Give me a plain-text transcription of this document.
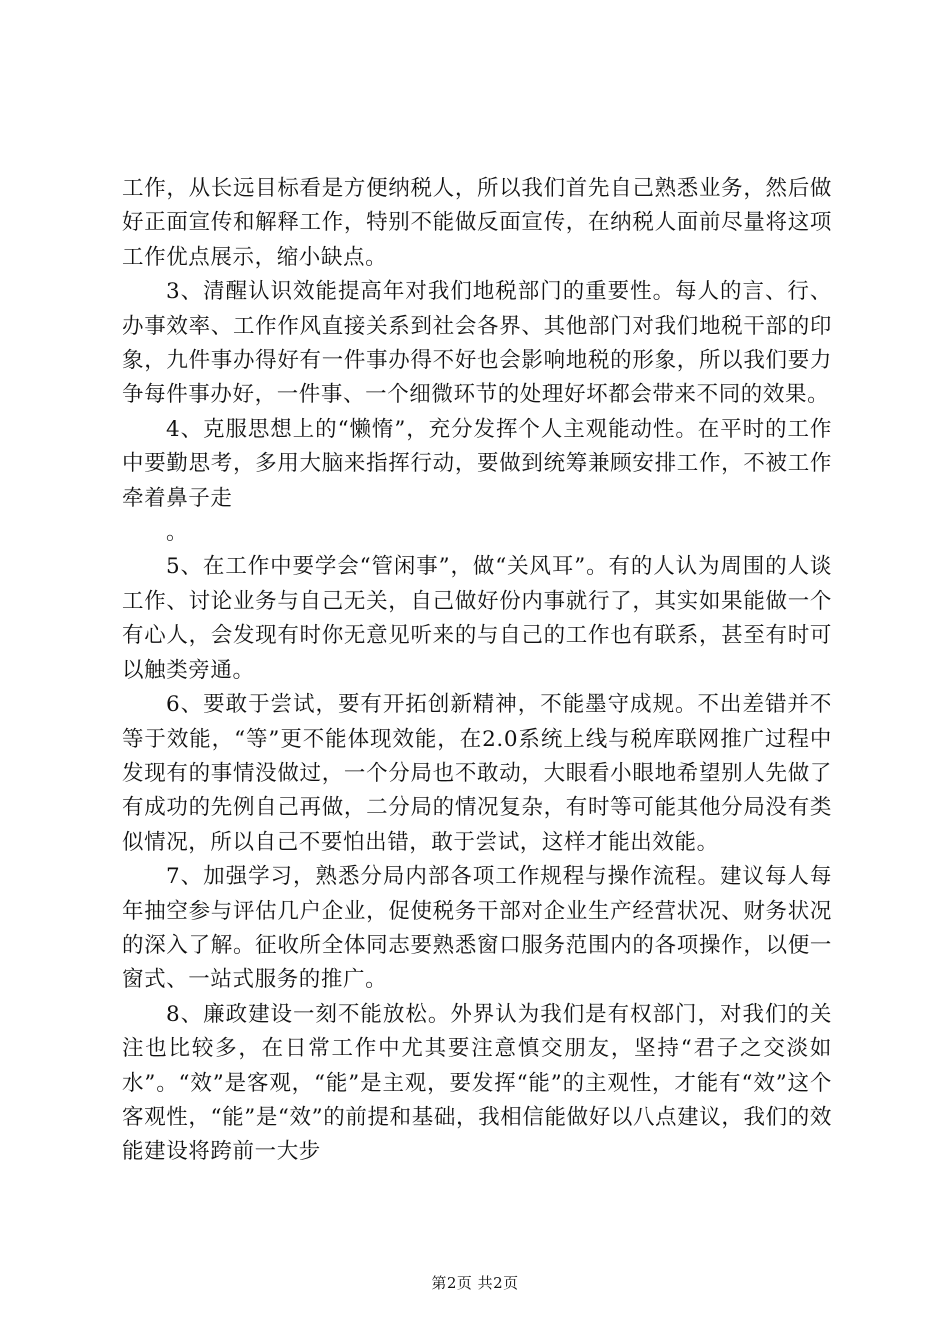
工作，从长远目标看是方便纳税人，所以我们首先自己熟悉业务，然后做好正面宣传和解释工作，特别不能做反面宣传，在纳税人面前尽量将这项工作优点展示，缩小缺点。

3、清醒认识效能提高年对我们地税部门的重要性。每人的言、行、办事效率、工作作风直接关系到社会各界、其他部门对我们地税干部的印象，九件事办得好有一件事办得不好也会影响地税的形象，所以我们要力争每件事办好，一件事、一个细微环节的处理好坏都会带来不同的效果。

4、克服思想上的“懒惰”，充分发挥个人主观能动性。在平时的工作中要勤思考，多用大脑来指挥行动，要做到统筹兼顾安排工作，不被工作牵着鼻子走

。

5、在工作中要学会“管闲事”，做“关风耳”。有的人认为周围的人谈工作、讨论业务与自己无关，自己做好份内事就行了，其实如果能做一个有心人，会发现有时你无意见听来的与自己的工作也有联系，甚至有时可以触类旁通。

6、要敢于尝试，要有开拓创新精神，不能墨守成规。不出差错并不等于效能，“等”更不能体现效能，在2.0系统上线与税库联网推广过程中发现有的事情没做过，一个分局也不敢动，大眼看小眼地希望别人先做了有成功的先例自己再做，二分局的情况复杂，有时等可能其他分局没有类似情况，所以自己不要怕出错，敢于尝试，这样才能出效能。

7、加强学习，熟悉分局内部各项工作规程与操作流程。建议每人每年抽空参与评估几户企业，促使税务干部对企业生产经营状况、财务状况的深入了解。征收所全体同志要熟悉窗口服务范围内的各项操作，以便一窗式、一站式服务的推广。

8、廉政建设一刻不能放松。外界认为我们是有权部门，对我们的关注也比较多，在日常工作中尤其要注意慎交朋友，坚持“君子之交淡如水”。“效”是客观，“能”是主观，要发挥“能”的主观性，才能有“效”这个客观性，“能”是“效”的前提和基础，我相信能做好以八点建议，我们的效能建设将跨前一大步

第2页 共2页
